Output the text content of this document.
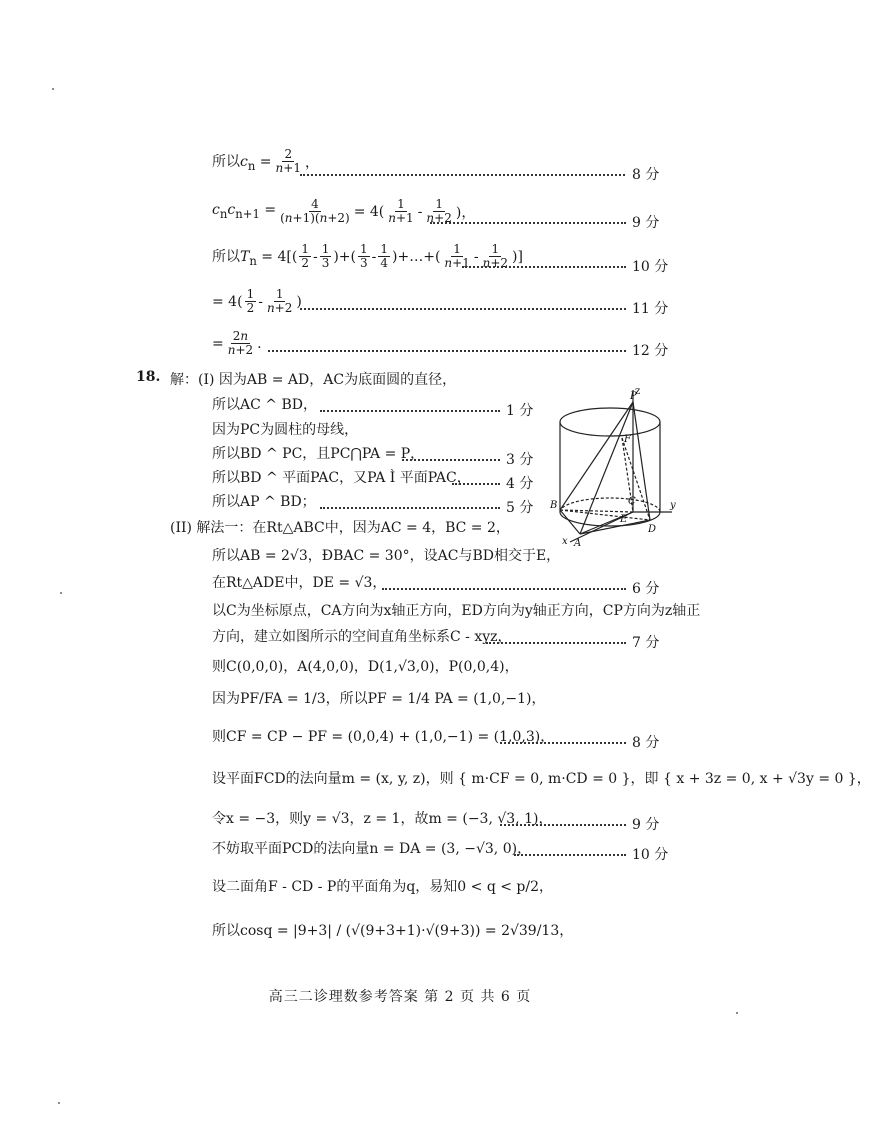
所以$c_n = \frac{2}{n+1}$ ，
8 分
$c_nc_{n+1} = \frac{4}{(n+1)(n+2)} = 4( \frac{1}{n+1} - \frac{1}{n+2}$ )，
9 分
所以$T_n = 4[( \frac{1}{2} - \frac{1}{3}$ )+( $\frac{1}{3} - \frac{1}{4}$ )+…+( $\frac{1}{n+1} - \frac{1}{n+2}$ )]
10 分
= $4( \frac{1}{2} - \frac{1}{n+2}$ )	11 分
= $\frac{2n}{n+2}$ .	12 分
18. 解：(I) 因为AB = AD，AC为底面圆的直径，
所以AC ^ BD，	1 分
因为PC为圆柱的母线，
所以BD ^ PC，且PC⋂PA = P，	3 分
所以BD ^ 平面PAC，又PA Ì 平面PAC，	4 分
所以AP ^ BD；	5 分
z
P
F
C
B
E
D
y
x A
(II) 解法一：在Rt△ABC中，因为AC = 4，BC = 2，
所以AB = 2√3，ÐBAC = 30°，设AC与BD相交于E，
在Rt△ADE中，DE = √3，	6 分
以C为坐标原点，CA方向为x轴正方向，ED方向为y轴正方向，CP方向为z轴正
方向，建立如图所示的空间直角坐标系C - xyz，	7 分
则C(0,0,0)，A(4,0,0)，D(1,√3,0)，P(0,0,4)，
因为PF/FA = 1/3，所以PF = 1/4 PA = (1,0,−1)，
则CF = CP − PF = (0,0,4) + (1,0,−1) = (1,0,3)，	8 分
设平面FCD的法向量m = (x, y, z)，则 { m·CF = 0, m·CD = 0 }，即 { x + 3z = 0, x + √3y = 0 }，
令x = −3，则y = √3，z = 1，故m = (−3, √3, 1)，	9 分
不妨取平面PCD的法向量n = DA = (3, −√3, 0)，	10 分
设二面角F - CD - P的平面角为q，易知0 < q < p/2，
所以cosq = |9+3| / (√(9+3+1)·√(9+3)) = 2√39/13，
高三二诊理数参考答案 第 2 页 共 6 页
